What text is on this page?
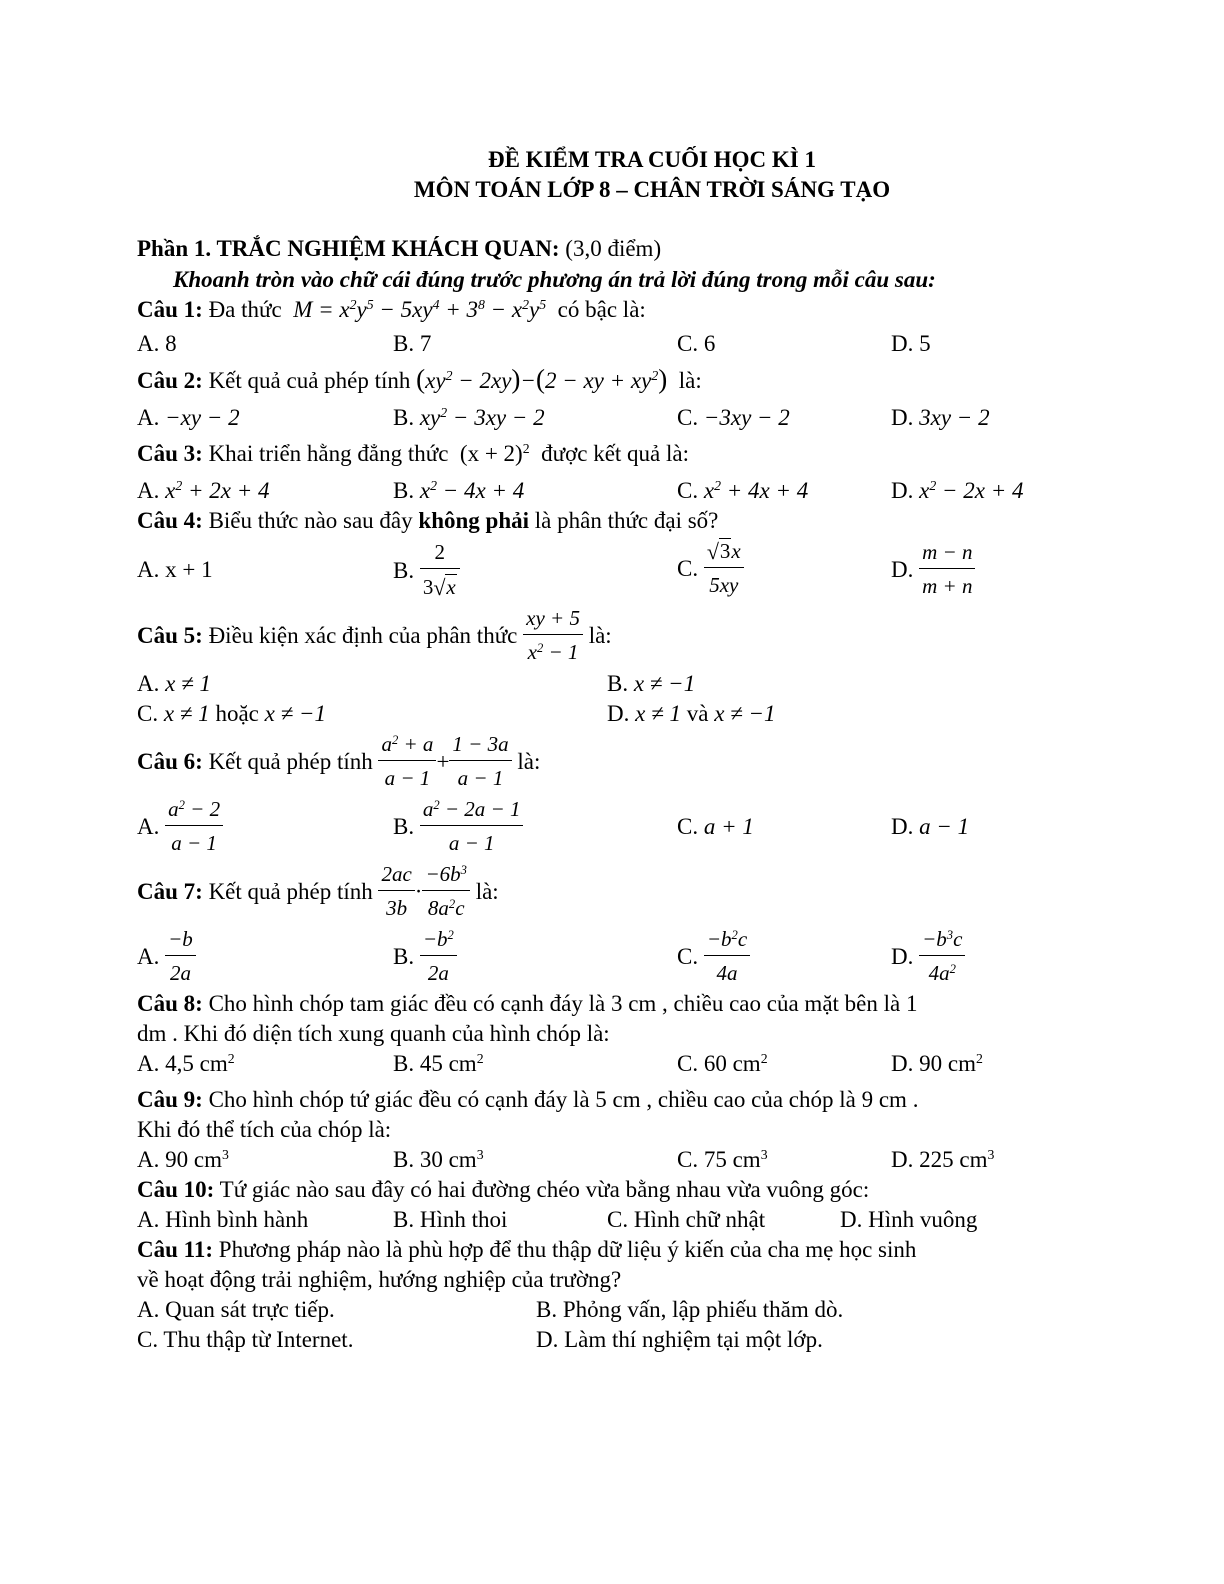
ĐỀ KIỂM TRA CUỐI HỌC KÌ 1
MÔN TOÁN LỚP 8 – CHÂN TRỜI SÁNG TẠO
Phần 1. TRẮC NGHIỆM KHÁCH QUAN: (3,0 điểm)
Khoanh tròn vào chữ cái đúng trước phương án trả lời đúng trong mỗi câu sau:
Câu 1: Đa thức  $M = x^2y^5 - 5xy^4 + 3^8 - x^2y^5$ có bậc là:
A. 8	B. 7	C. 6	D. 5
Câu 2: Kết quả cuả phép tính $(xy^2 - 2xy)-(2$ − xy + $xy^2$) là:
A. −xy − 2	B. $xy^2 - 3xy - 2$	C. −3xy − 2	D. 3xy − 2
Câu 3: Khai triển hằng đẳng thức  $(x + 2)^2$ được kết quả là:
A. $x^2 + 2x + 4$	B. $x^2 - 4x + 4$	C. $x^2 + 4x + 4$	D. $x^2 - 2x + 4$
Câu 4: Biểu thức nào sau đây không phải là phân thức đại số?
A. x + 1	B. $\frac{2}{3√x}$	C. $\frac{√3x}{5xy}$	D. $\frac{m - n}{m + n}$
Câu 5: Điều kiện xác định của phân thức $\frac{xy + 5}{x^2 - 1}$ là:
A. x ≠ 1	B. x ≠ −1
C. x ≠ 1 hoặc x ≠ −1	D. x ≠ 1 và x ≠ −1
Câu 6: Kết quả phép tính $\frac{a^2 + a}{a - 1} + \frac{1 - 3a}{a - 1}$ là:
A. $\frac{a^2 - 2}{a - 1}$	B. $\frac{a^2 - 2a - 1}{a - 1}$	C. a + 1	D. a − 1
Câu 7: Kết quả phép tính $\frac{2ac}{3b} \cdot \frac{-6b^3}{8a^2c}$ là:
A. $\frac{-b}{2a}$	B. $\frac{-b^2}{2a}$	C. $\frac{-b^2c}{4a}$	D. $\frac{-b^3c}{4a^2}$
Câu 8: Cho hình chóp tam giác đều có cạnh đáy là 3 cm , chiều cao của mặt bên là 1
dm . Khi đó diện tích xung quanh của hình chóp là:
A. 4,5 $cm^2$	B. 45 $cm^2$	C. 60 $cm^2$	D. 90 $cm^2$
Câu 9: Cho hình chóp tứ giác đều có cạnh đáy là 5 cm , chiều cao của chóp là 9 cm .
Khi đó thể tích của chóp là:
A. 90 $cm^3$	B. 30 $cm^3$	C. 75 $cm^3$	D. 225 $cm^3$
Câu 10: Tứ giác nào sau đây có hai đường chéo vừa bằng nhau vừa vuông góc:
A. Hình bình hành	B. Hình thoi	C. Hình chữ nhật	D. Hình vuông
Câu 11: Phương pháp nào là phù hợp để thu thập dữ liệu ý kiến của cha mẹ học sinh
về hoạt động trải nghiệm, hướng nghiệp của trường?
A. Quan sát trực tiếp.	B. Phỏng vấn, lập phiếu thăm dò.
C. Thu thập từ Internet.	D. Làm thí nghiệm tại một lớp.
